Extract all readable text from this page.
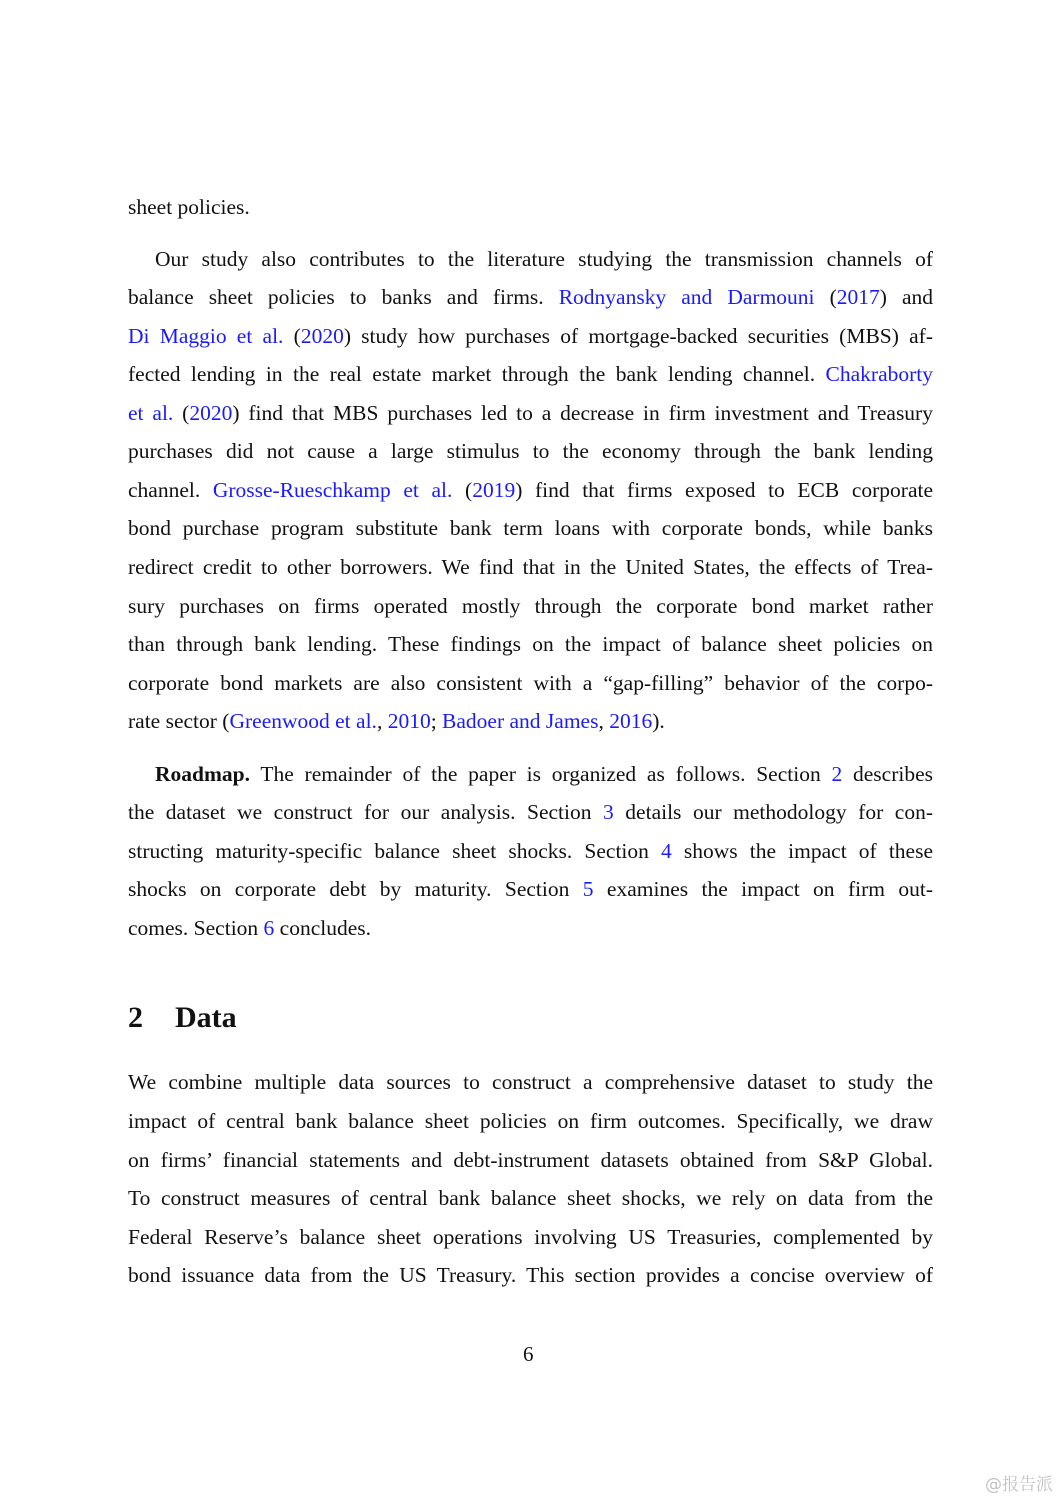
sheet policies.
Our study also contributes to the literature studying the transmission channels of
balance sheet policies to banks and firms. Rodnyansky and Darmouni (2017) and
Di Maggio et al. (2020) study how purchases of mortgage-backed securities (MBS) af-
fected lending in the real estate market through the bank lending channel. Chakraborty
et al. (2020) find that MBS purchases led to a decrease in firm investment and Treasury
purchases did not cause a large stimulus to the economy through the bank lending
channel. Grosse-Rueschkamp et al. (2019) find that firms exposed to ECB corporate
bond purchase program substitute bank term loans with corporate bonds, while banks
redirect credit to other borrowers. We find that in the United States, the effects of Trea-
sury purchases on firms operated mostly through the corporate bond market rather
than through bank lending. These findings on the impact of balance sheet policies on
corporate bond markets are also consistent with a “gap-filling” behavior of the corpo-
rate sector (Greenwood et al., 2010; Badoer and James, 2016).
Roadmap. The remainder of the paper is organized as follows. Section 2 describes
the dataset we construct for our analysis. Section 3 details our methodology for con-
structing maturity-specific balance sheet shocks. Section 4 shows the impact of these
shocks on corporate debt by maturity. Section 5 examines the impact on firm out-
comes. Section 6 concludes.
2 Data
We combine multiple data sources to construct a comprehensive dataset to study the
impact of central bank balance sheet policies on firm outcomes. Specifically, we draw
on firms’ financial statements and debt-instrument datasets obtained from S&P Global.
To construct measures of central bank balance sheet shocks, we rely on data from the
Federal Reserve’s balance sheet operations involving US Treasuries, complemented by
bond issuance data from the US Treasury. This section provides a concise overview of
6
@报告派
